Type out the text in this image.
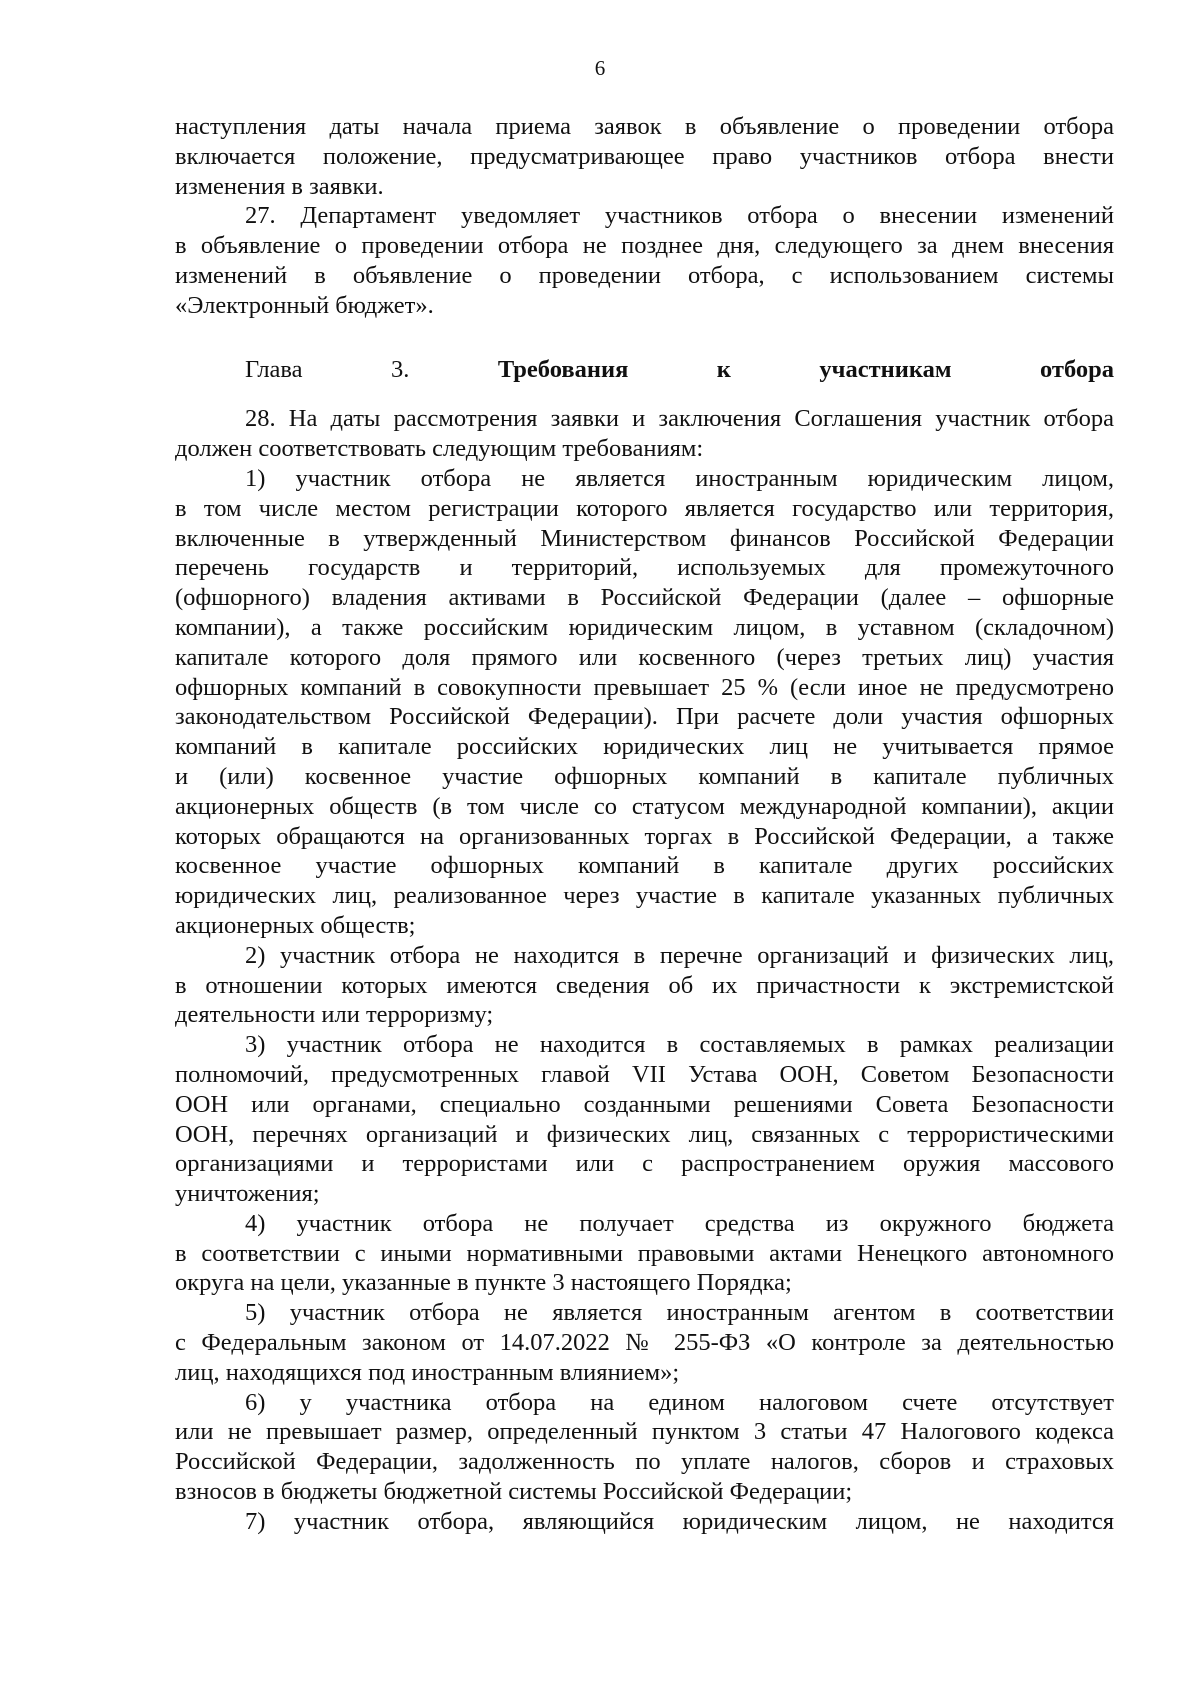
6
наступления даты начала приема заявок в объявление о проведении отбора
включается положение, предусматривающее право участников отбора внести
изменения в заявки.
27. Департамент уведомляет участников отбора о внесении изменений
в объявление о проведении отбора не позднее дня, следующего за днем внесения
изменений в объявление о проведении отбора, с использованием системы
«Электронный бюджет».
Глава 3. Требования к участникам отбора
28. На даты рассмотрения заявки и заключения Соглашения участник отбора
должен соответствовать следующим требованиям:
1) участник отбора не является иностранным юридическим лицом,
в том числе местом регистрации которого является государство или территория,
включенные в утвержденный Министерством финансов Российской Федерации
перечень государств и территорий, используемых для промежуточного
(офшорного) владения активами в Российской Федерации (далее – офшорные
компании), а также российским юридическим лицом, в уставном (складочном)
капитале которого доля прямого или косвенного (через третьих лиц) участия
офшорных компаний в совокупности превышает 25 % (если иное не предусмотрено
законодательством Российской Федерации). При расчете доли участия офшорных
компаний в капитале российских юридических лиц не учитывается прямое
и (или) косвенное участие офшорных компаний в капитале публичных
акционерных обществ (в том числе со статусом международной компании), акции
которых обращаются на организованных торгах в Российской Федерации, а также
косвенное участие офшорных компаний в капитале других российских
юридических лиц, реализованное через участие в капитале указанных публичных
акционерных обществ;
2) участник отбора не находится в перечне организаций и физических лиц,
в отношении которых имеются сведения об их причастности к экстремистской
деятельности или терроризму;
3) участник отбора не находится в составляемых в рамках реализации
полномочий, предусмотренных главой VII Устава ООН, Советом Безопасности
ООН или органами, специально созданными решениями Совета Безопасности
ООН, перечнях организаций и физических лиц, связанных с террористическими
организациями и террористами или с распространением оружия массового
уничтожения;
4) участник отбора не получает средства из окружного бюджета
в соответствии с иными нормативными правовыми актами Ненецкого автономного
округа на цели, указанные в пункте 3 настоящего Порядка;
5) участник отбора не является иностранным агентом в соответствии
с Федеральным законом от 14.07.2022 № 255-ФЗ «О контроле за деятельностью
лиц, находящихся под иностранным влиянием»;
6) у участника отбора на едином налоговом счете отсутствует
или не превышает размер, определенный пунктом 3 статьи 47 Налогового кодекса
Российской Федерации, задолженность по уплате налогов, сборов и страховых
взносов в бюджеты бюджетной системы Российской Федерации;
7) участник отбора, являющийся юридическим лицом, не находится
